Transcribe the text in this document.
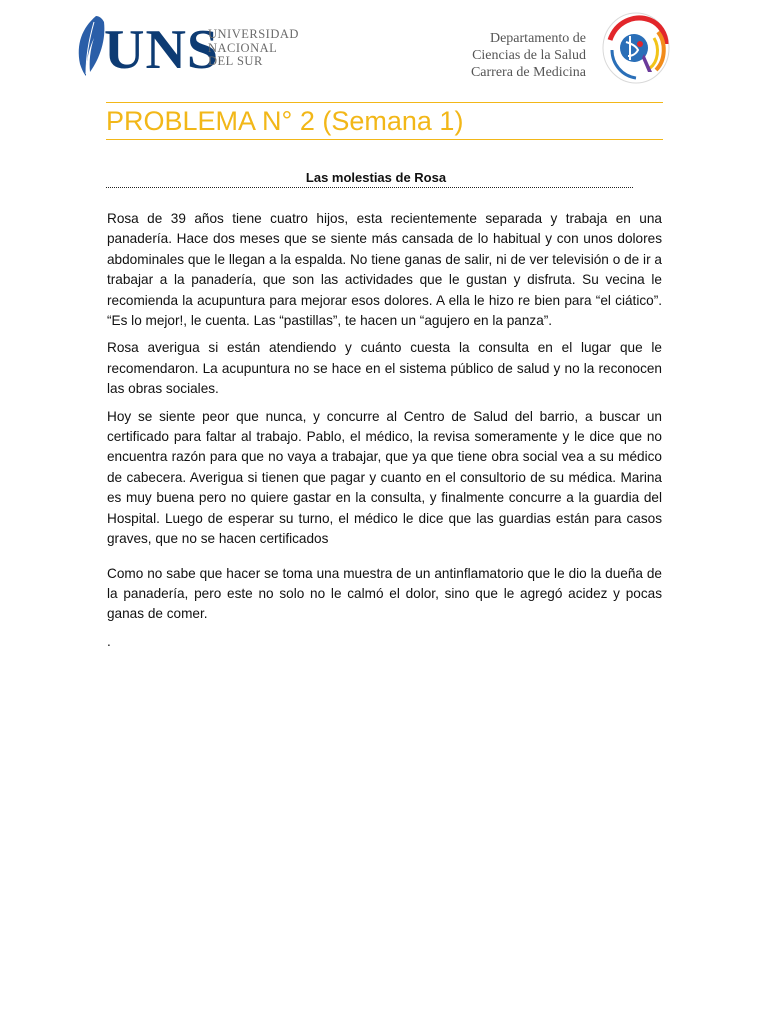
UNS
UNIVERSIDAD
NACIONAL
DEL SUR
Departamento de
Ciencias de la Salud
Carrera de Medicina
PROBLEMA N° 2 (Semana 1)
Las molestias de Rosa

Rosa de 39 años tiene cuatro hijos, esta recientemente separada y trabaja en una panadería. Hace dos meses que se siente más cansada de lo habitual y con unos dolores abdominales que le llegan a la espalda. No tiene ganas de salir, ni de ver televisión o de ir a trabajar a la panadería, que son las actividades que le gustan y disfruta. Su vecina le recomienda la acupuntura para mejorar esos dolores. A ella le hizo re bien para “el ciático”. “Es lo mejor!, le cuenta. Las “pastillas”, te hacen un “agujero en la panza”.

Rosa averigua si están atendiendo y cuánto cuesta la consulta en el lugar que le recomendaron. La acupuntura no se hace en el sistema público de salud y no la reconocen las obras sociales.

Hoy se siente peor que nunca, y concurre al Centro de Salud del barrio, a buscar un certificado para faltar al trabajo. Pablo, el médico, la revisa someramente y le dice que no encuentra razón para que no vaya a trabajar, que ya que tiene obra social vea a su médico de cabecera. Averigua si tienen que pagar y cuanto en el consultorio de su médica. Marina es muy buena pero no quiere gastar en la consulta, y finalmente concurre a la guardia del Hospital. Luego de esperar su turno, el médico le dice que las guardias están para casos graves, que no se hacen certificados

Como no sabe que hacer se toma una muestra de un antinflamatorio que le dio la dueña de la panadería, pero este no solo no le calmó el dolor, sino que le agregó acidez y pocas ganas de comer.

.
